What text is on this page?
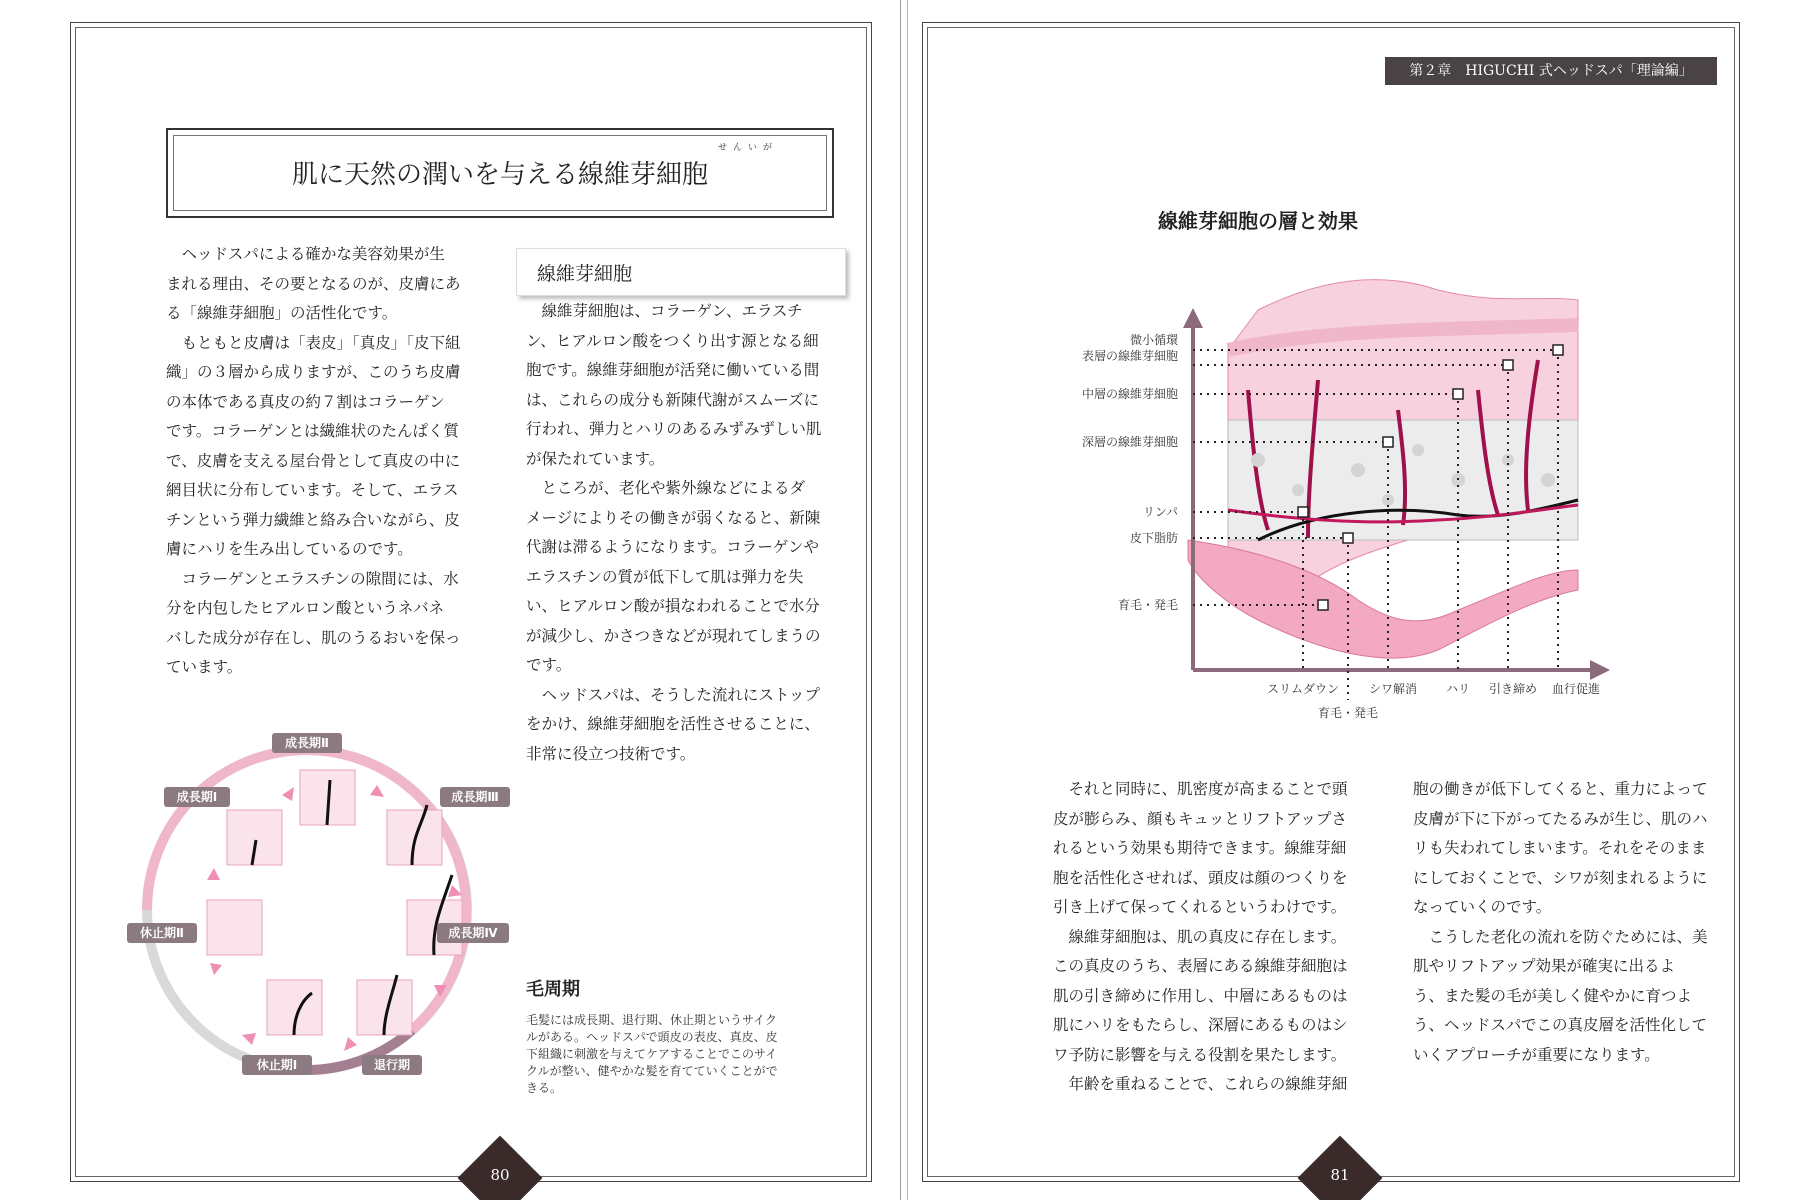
せんいが
肌に天然の潤いを与える線維芽細胞
　ヘッドスパによる確かな美容効果が生
まれる理由、その要となるのが、皮膚にあ
る「線維芽細胞」の活性化です。
　もともと皮膚は「表皮」「真皮」「皮下組
織」の３層から成りますが、このうち皮膚
の本体である真皮の約７割はコラーゲン
です。コラーゲンとは繊維状のたんぱく質
で、皮膚を支える屋台骨として真皮の中に
網目状に分布しています。そして、エラス
チンという弾力繊維と絡み合いながら、皮
膚にハリを生み出しているのです。
　コラーゲンとエラスチンの隙間には、水
分を内包したヒアルロン酸というネバネ
バした成分が存在し、肌のうるおいを保っ
ています。
線維芽細胞
　線維芽細胞は、コラーゲン、エラスチ
ン、ヒアルロン酸をつくり出す源となる細
胞です。線維芽細胞が活発に働いている間
は、これらの成分も新陳代謝がスムーズに
行われ、弾力とハリのあるみずみずしい肌
が保たれています。
　ところが、老化や紫外線などによるダ
メージによりその働きが弱くなると、新陳
代謝は滞るようになります。コラーゲンや
エラスチンの質が低下して肌は弾力を失
い、ヒアルロン酸が損なわれることで水分
が減少し、かさつきなどが現れてしまうの
です。
　ヘッドスパは、そうした流れにストップ
をかけ、線維芽細胞を活性させることに、
非常に役立つ技術です。
成長期Ⅱ
成長期Ⅲ
成長期Ⅳ
退行期
休止期Ⅰ
休止期Ⅱ
成長期Ⅰ
毛周期
毛髪には成長期、退行期、休止期というサイク
ルがある。ヘッドスパで頭皮の表皮、真皮、皮
下組織に刺激を与えてケアすることでこのサイ
クルが整い、健やかな髪を育てていくことがで
きる。
80
第２章　HIGUCHI 式ヘッドスパ「理論編」
線維芽細胞の層と効果
微小循環
表層の線維芽細胞
中層の線維芽細胞
深層の線維芽細胞
リンパ
皮下脂肪
育毛・発毛
スリムダウン シワ解消 ハリ 引き締め 血行促進
育毛・発毛
　それと同時に、肌密度が高まることで頭
皮が膨らみ、顔もキュッとリフトアップさ
れるという効果も期待できます。線維芽細
胞を活性化させれば、頭皮は顔のつくりを
引き上げて保ってくれるというわけです。
　線維芽細胞は、肌の真皮に存在します。
この真皮のうち、表層にある線維芽細胞は
肌の引き締めに作用し、中層にあるものは
肌にハリをもたらし、深層にあるものはシ
ワ予防に影響を与える役割を果たします。
　年齢を重ねることで、これらの線維芽細
胞の働きが低下してくると、重力によって
皮膚が下に下がってたるみが生じ、肌のハ
リも失われてしまいます。それをそのまま
にしておくことで、シワが刻まれるように
なっていくのです。
　こうした老化の流れを防ぐためには、美
肌やリフトアップ効果が確実に出るよ
う、また髪の毛が美しく健やかに育つよ
う、ヘッドスパでこの真皮層を活性化して
いくアプローチが重要になります。
81
